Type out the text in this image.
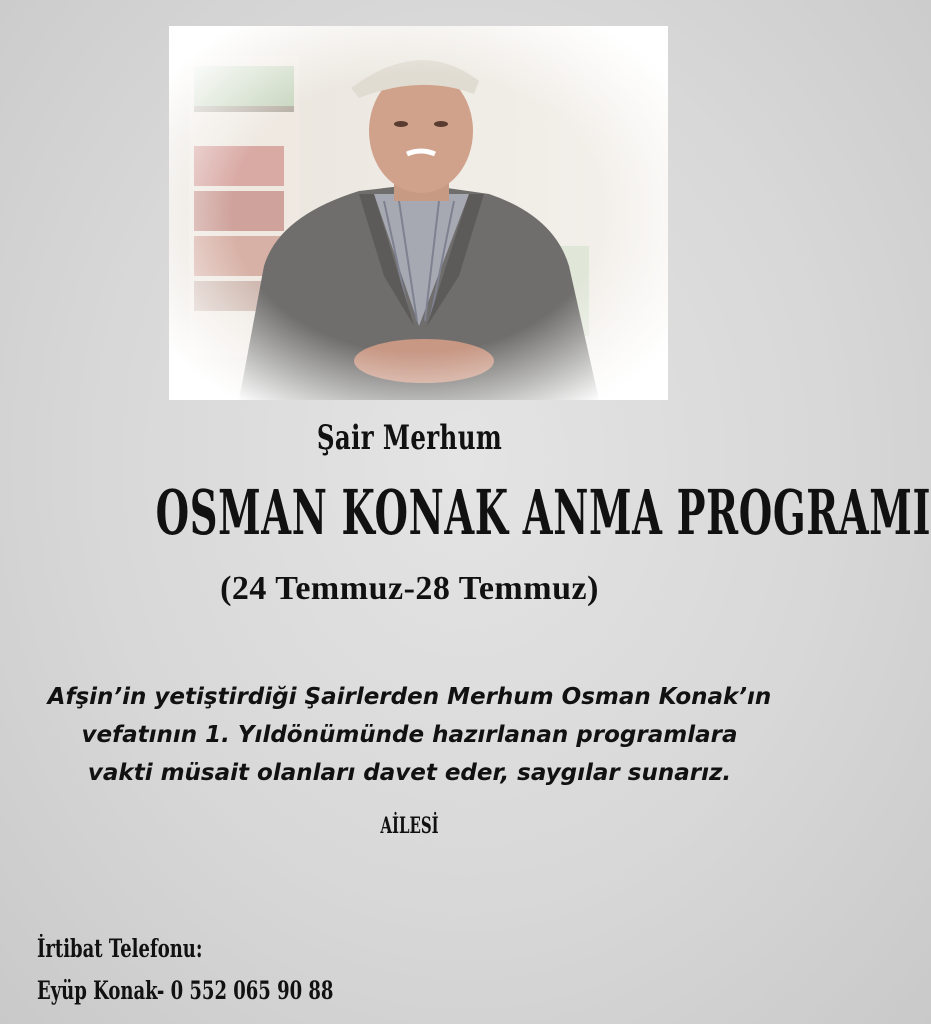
Şair Merhum
OSMAN KONAK ANMA PROGRAMI
(24 Temmuz-28 Temmuz)
Afşin’in yetiştirdiği Şairlerden Merhum Osman Konak’ın
vefatının 1. Yıldönümünde hazırlanan programlara
vakti müsait olanları davet eder, saygılar sunarız.
AİLESİ
İrtibat Telefonu:
Eyüp Konak- 0 552 065 90 88
